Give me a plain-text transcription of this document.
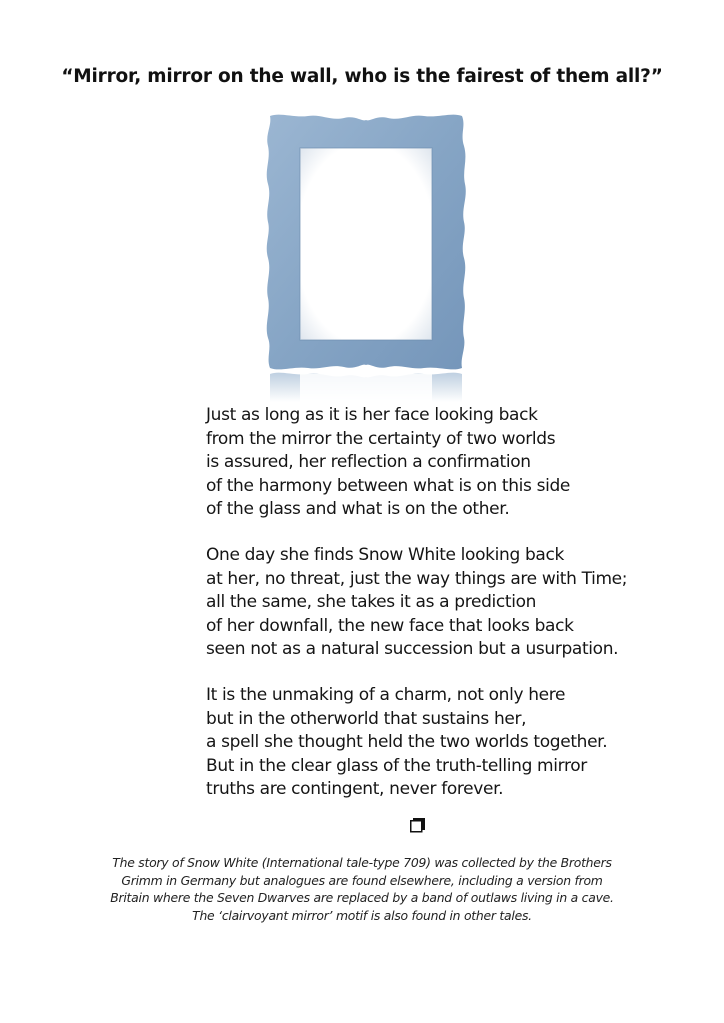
“Mirror, mirror on the wall, who is the fairest of them all?”
Just as long as it is her face looking back
from the mirror the certainty of two worlds
is assured, her reflection a confirmation
of the harmony between what is on this side
of the glass and what is on the other.
One day she finds Snow White looking back
at her, no threat, just the way things are with Time;
all the same, she takes it as a prediction
of her downfall, the new face that looks back
seen not as a natural succession but a usurpation.
It is the unmaking of a charm, not only here
but in the otherworld that sustains her,
a spell she thought held the two worlds together.
But in the clear glass of the truth-telling mirror
truths are contingent, never forever.
The story of Snow White (International tale-type 709) was collected by the Brothers
Grimm in Germany but analogues are found elsewhere, including a version from
Britain where the Seven Dwarves are replaced by a band of outlaws living in a cave.
The ‘clairvoyant mirror’ motif is also found in other tales.
